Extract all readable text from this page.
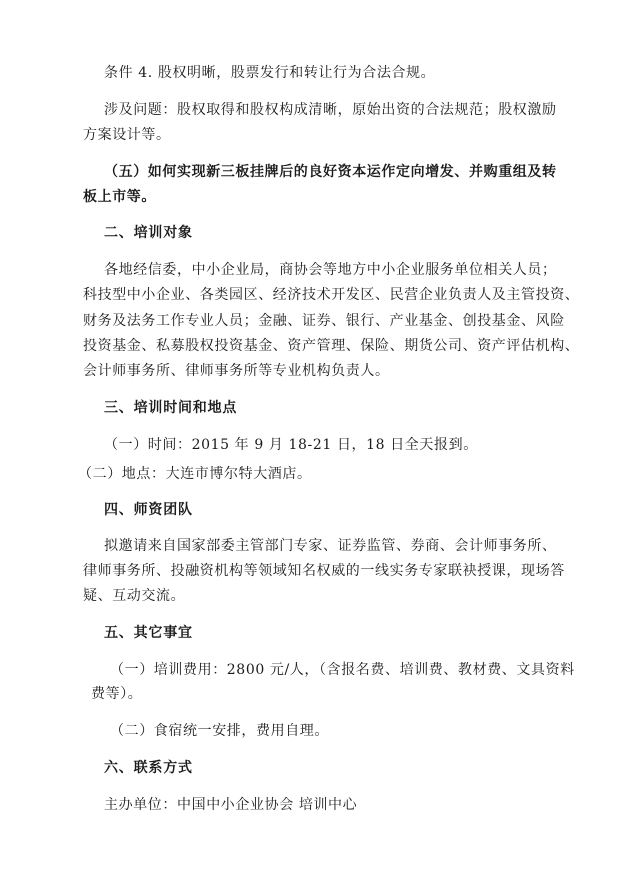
条件 4. 股权明晰，股票发行和转让行为合法合规。
涉及问题：股权取得和股权构成清晰，原始出资的合法规范；股权激励
方案设计等。
（五）如何实现新三板挂牌后的良好资本运作定向增发、并购重组及转
板上市等。
二、培训对象
各地经信委，中小企业局，商协会等地方中小企业服务单位相关人员；
科技型中小企业、各类园区、经济技术开发区、民营企业负责人及主管投资、
财务及法务工作专业人员；金融、证券、银行、产业基金、创投基金、风险
投资基金、私募股权投资基金、资产管理、保险、期货公司、资产评估机构、
会计师事务所、律师事务所等专业机构负责人。
三、培训时间和地点
（一）时间：2015 年 9 月 18-21 日，18 日全天报到。
（二）地点：大连市博尔特大酒店。
四、师资团队
拟邀请来自国家部委主管部门专家、证券监管、券商、会计师事务所、
律师事务所、投融资机构等领域知名权威的一线实务专家联袂授课，现场答
疑、互动交流。
五、其它事宜
（一）培训费用：2800 元/人，（含报名费、培训费、教材费、文具资料
费等）。
（二）食宿统一安排，费用自理。
六、联系方式
主办单位：中国中小企业协会 培训中心
